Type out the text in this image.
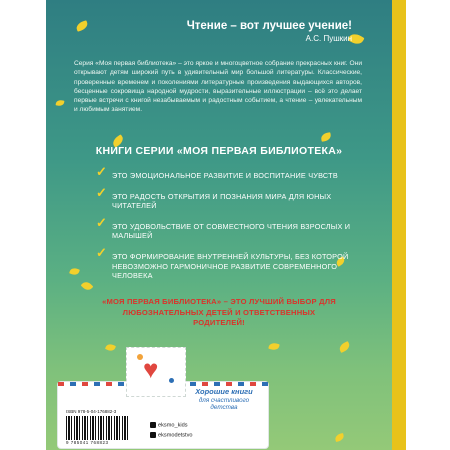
Чтение – вот лучшее учение!
А.С. Пушкин
Серия «Моя первая библиотека» – это яркое и многоцветное собрание прекрасных книг. Они открывают детям широкий путь в удивительный мир большой литературы. Классические, проверенные временем и поколениями литературные произведения выдающихся авторов, бесценные сокровища народной мудрости, выразительные иллюстрации – всё это делает первые встречи с книгой незабываемым и радостным событием, а чтение – увлекательным и любимым занятием.
КНИГИ СЕРИИ «МОЯ ПЕРВАЯ БИБЛИОТЕКА»
✓ ЭТО ЭМОЦИОНАЛЬНОЕ РАЗВИТИЕ И ВОСПИТАНИЕ ЧУВСТВ
✓ ЭТО РАДОСТЬ ОТКРЫТИЯ И ПОЗНАНИЯ МИРА ДЛЯ ЮНЫХ ЧИТАТЕЛЕЙ
✓ ЭТО УДОВОЛЬСТВИЕ ОТ СОВМЕСТНОГО ЧТЕНИЯ ВЗРОСЛЫХ И МАЛЫШЕЙ
✓ ЭТО ФОРМИРОВАНИЕ ВНУТРЕННЕЙ КУЛЬТУРЫ, БЕЗ КОТОРОЙ НЕВОЗМОЖНО ГАРМОНИЧНОЕ РАЗВИТИЕ СОВРЕМЕННОГО ЧЕЛОВЕКА
«МОЯ ПЕРВАЯ БИБЛИОТЕКА» – ЭТО ЛУЧШИЙ ВЫБОР ДЛЯ ЛЮБОЗНАТЕЛЬНЫХ ДЕТЕЙ И ОТВЕТСТВЕННЫХ РОДИТЕЛЕЙ!
ISBN 978-5-04-176882-3
9 785041 768823
Хорошие книги
для счастливого детства
eksmo_kids
eksmodetstvo
♥
